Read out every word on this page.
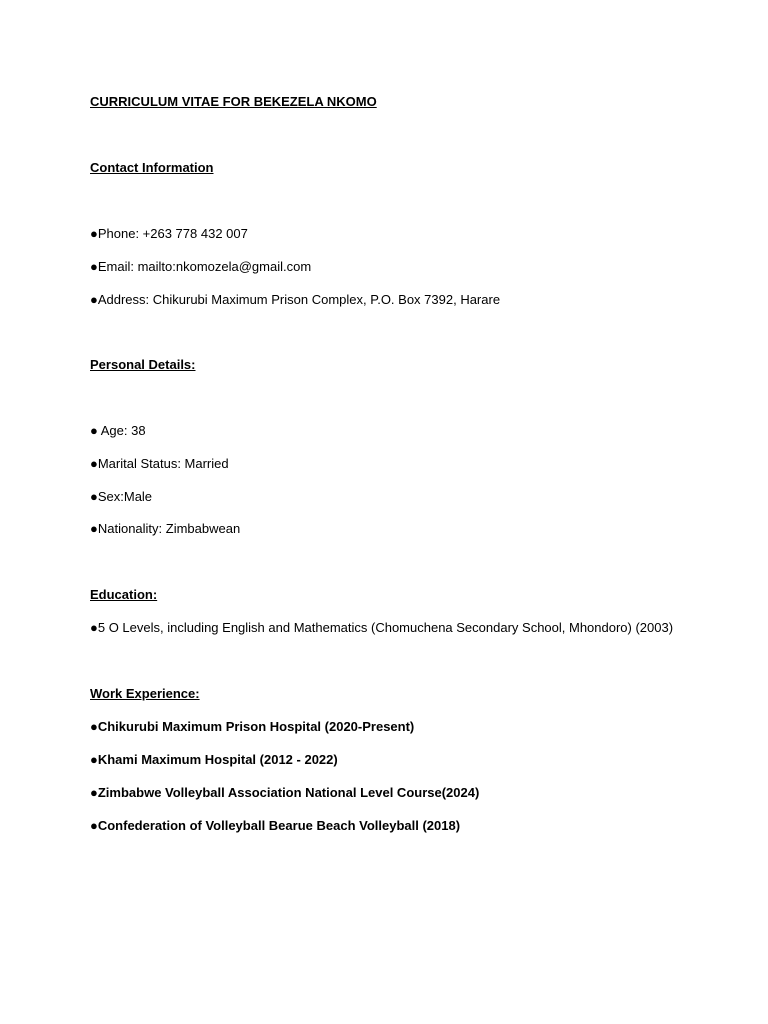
CURRICULUM VITAE FOR BEKEZELA NKOMO
Contact Information
●Phone: +263 778 432 007
●Email: mailto:nkomozela@gmail.com
●Address: Chikurubi Maximum Prison Complex, P.O. Box 7392, Harare
Personal Details:
● Age: 38
●Marital Status: Married
●Sex:Male
●Nationality: Zimbabwean
Education:
●5 O Levels, including English and Mathematics (Chomuchena Secondary School, Mhondoro) (2003)
Work Experience:
●Chikurubi Maximum Prison Hospital (2020-Present)
●Khami Maximum Hospital (2012 - 2022)
●Zimbabwe Volleyball Association National Level Course(2024)
●Confederation of Volleyball Bearue Beach Volleyball (2018)
